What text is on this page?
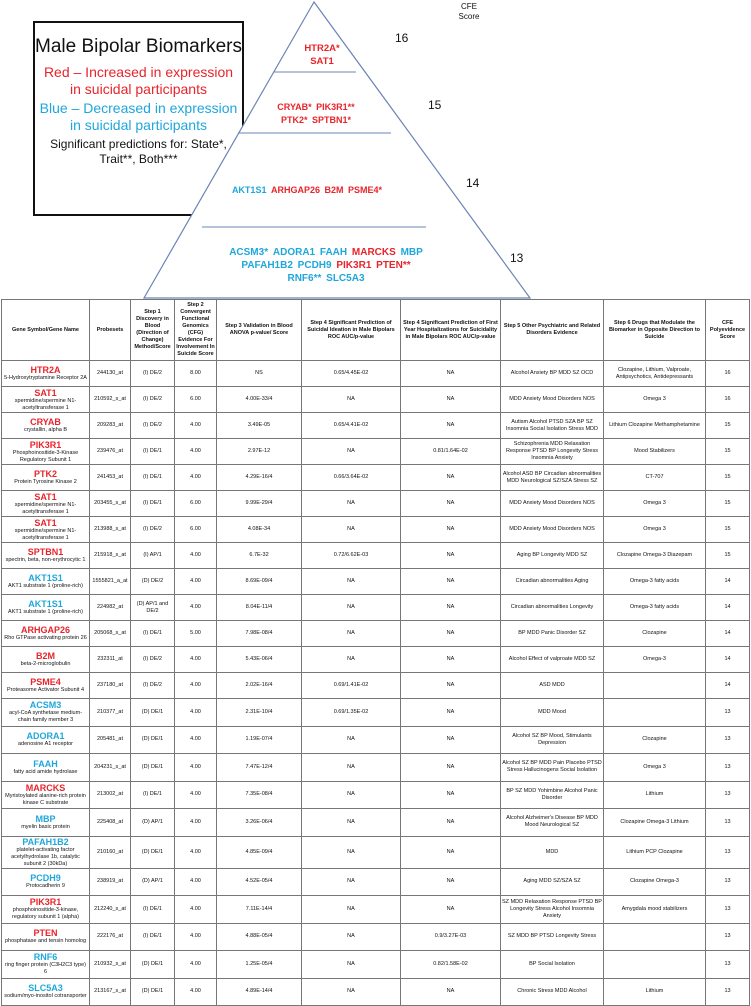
Male Bipolar Biomarkers
Red – Increased in expression in suicidal participants
Blue – Decreased in expression in suicidal participants
Significant predictions for: State*, Trait**, Both***
CFE Score
HTR2A* SAT1
16
CRYAB* PIK3R1** PTK2* SPTBN1*
15
AKT1S1 ARHGAP26 B2M PSME4*	14
ACSM3* ADORA1 FAAH MARCKS MBP PAFAH1B2 PCDH9 PIK3R1 PTEN** RNF6** SLC5A3
13
Gene Symbol/Gene Name	Probesets	Step 1 Discovery in Blood (Direction of Change) Method/Score	Step 2 Convergent Functional Genomics (CFG) Evidence For Involvement In Suicide Score	Step 3 Validation in Blood ANOVA p-value/ Score	Step 4 Significant Prediction of Suicidal Ideation in Male Bipolars ROC AUC/p-value	Step 4 Significant Prediction of First Year Hospitalizations for Suicidality in Male Bipolars ROC AUC/p-value	Step 5 Other Psychiatric and Related Disorders Evidence	Step 6 Drugs that Modulate the Biomarker in Opposite Direction to Suicide	CFE Polyevidence Score

HTR2A
5-Hydroxytryptamine Receptor 2A	244130_at	(I) DE/2	8.00	NS	0.65/4.45E-02	NA	Alcohol Anxiety BP MDD SZ OCD	Clozapine, Lithium, Valproate, Antipsychotics, Antidepressants	16

SAT1
spermidine/spermine N1-acetyltransferase 1	210592_s_at	(I) DE/2	6.00	4.00E-33/4	NA	NA	MDD Anxiety Mood Disorders NOS	Omega 3	16

CRYAB
crystallin, alpha B	209283_at	(I) DE/2	4.00	3.49E-05	0.65/4.41E-02	NA	Autism Alcohol PTSD SZA BP SZ Insomnia Social Isolation Stress MDD	Lithium Clozapine Methamphetamine	15

PIK3R1
Phosphoinositide-3-Kinase Regulatory Subunit 1	239476_at	(I) DE/1	4.00	2.97E-12	NA	0.81/1.64E-02	Schizophrenia MDD Relaxation Response PTSD BP Longevity Stress Insomnia Anxiety	Mood Stabilizers	15

PTK2
Protein Tyrosine Kinase 2	241453_at	(I) DE/1	4.00	4.29E-16/4	0.66/3.64E-02	NA	Alcohol ASD BP Circadian abnormalities MDD Neurological SZ/SZA Stress SZ	CT-707	15

SAT1
spermidine/spermine N1-acetyltransferase 1	203455_s_at	(I) DE/1	6.00	9.99E-29/4	NA	NA	MDD Anxiety Mood Disorders NOS	Omega 3	15

SAT1
spermidine/spermine N1-acetyltransferase 1	213988_s_at	(I) DE/2	6.00	4.08E-34	NA	NA	MDD Anxiety Mood Disorders NOS	Omega 3	15

SPTBN1
spectrin, beta, non-erythrocytic 1	215918_s_at	(I) AP/1	4.00	6.7E-32	0.72/6.62E-03	NA	Aging BP Longevity MDD SZ	Clozapine Omega-3 Diazepam	15

AKT1S1
AKT1 substrate 1 (proline-rich)	1555821_a_at	(D) DE/2	4.00	8.69E-09/4	NA	NA	Circadian abnormalities Aging	Omega-3 fatty acids	14

AKT1S1
AKT1 substrate 1 (proline-rich)	224982_at	(D) AP/1 and DE/2	4.00	8.04E-11/4	NA	NA	Circadian abnormalities Longevity	Omega-3 fatty acids	14

ARHGAP26
Rho GTPase activating protein 26	205068_s_at	(I) DE/1	5.00	7.98E-08/4	NA	NA	BP MDD Panic Disorder SZ	Clozapine	14

B2M
beta-2-microglobulin	232311_at	(I) DE/2	4.00	5.43E-06/4	NA	NA	Alcohol Effect of valproate MDD SZ	Omega-3	14

PSME4
Proteasome Activator Subunit 4	237180_at	(I) DE/2	4.00	2.02E-16/4	0.69/1.41E-02	NA	ASD MDD		14

ACSM3
acyl-CoA synthetase medium-chain family member 3	210377_at	(D) DE/1	4.00	2.31E-10/4	0.69/1.35E-02	NA	MDD Mood		13

ADORA1
adenosine A1 receptor	205481_at	(D) DE/1	4.00	1.19E-07/4	NA	NA	Alcohol SZ BP Mood, Stimulants Depression	Clozapine	13

FAAH
fatty acid amide hydrolase	204231_s_at	(D) DE/1	4.00	7.47E-12/4	NA	NA	Alcohol SZ BP MDD Pain Placebo PTSD Stress Hallucinogens Social Isolation	Omega 3	13

MARCKS
Myristoylated alanine-rich protein kinase C substrate	213002_at	(I) DE/1	4.00	7.35E-08/4	NA	NA	BP SZ MDD Yohimbine Alcohol Panic Disorder	Lithium	13

MBP
myelin basic protein	225408_at	(D) AP/1	4.00	3.26E-06/4	NA	NA	Alcohol Alzheimer's Disease BP MDD Mood Neurological SZ	Clozapine Omega-3 Lithium	13

PAFAH1B2
platelet-activating factor acetylhydrolase 1b, catalytic subunit 2 (30kDa)	210160_at	(D) DE/1	4.00	4.85E-09/4	NA	NA	MDD	Lithium PCP Clozapine	13

PCDH9
Protocadherin 9	238919_at	(D) AP/1	4.00	4.52E-05/4	NA	NA	Aging MDD SZ/SZA SZ	Clozapine Omega-3	13

PIK3R1
phosphoinositide-3-kinase, regulatory subunit 1 (alpha)	212240_s_at	(I) DE/1	4.00	7.11E-14/4	NA	NA	SZ MDD Relaxation Response PTSD BP Longevity Stress Alcohol Insomnia Anxiety	Amygdala mood stabilizers	13

PTEN
phosphatase and tensin homolog	222176_at	(I) DE/1	4.00	4.88E-05/4	NA	0.9/3.27E-03	SZ MDD BP PTSD Longevity Stress		13

RNF6
ring finger protein (C3H2C3 type) 6	210932_s_at	(D) DE/1	4.00	1.25E-05/4	NA	0.82/1.58E-02	BP Social Isolation		13

SLC5A3
sodium/myo-inositol cotransporter	213167_s_at	(D) DE/1	4.00	4.89E-14/4	NA	NA	Chronic Stress MDD Alcohol	Lithium	13
